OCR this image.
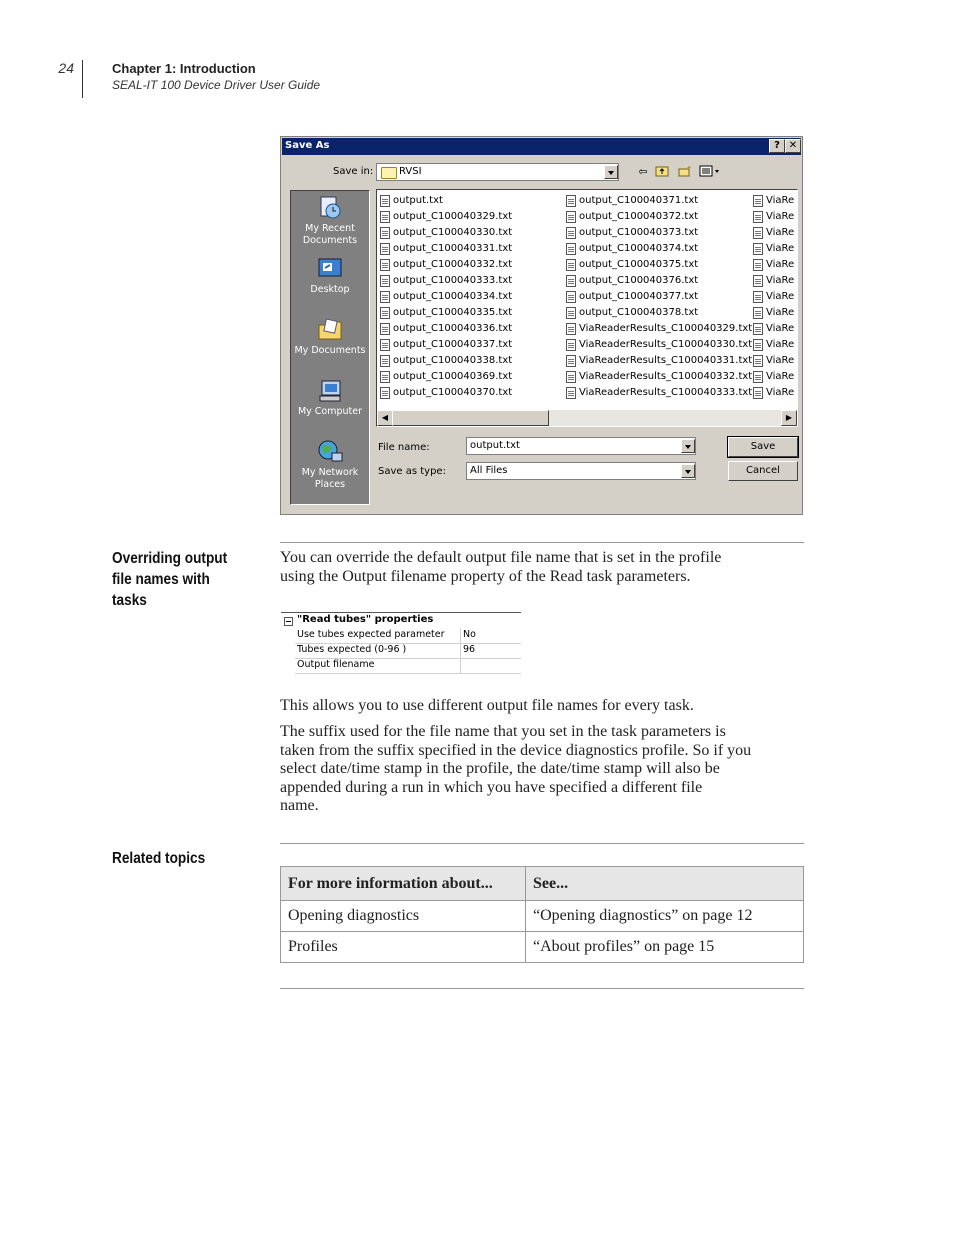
24	Chapter 1: Introduction
SEAL-IT 100 Device Driver User Guide
Save As	? ✕
Save in:	RVSI	⇦
My Recent Documents
Desktop
My Documents
My Computer
My Network Places
output.txt
output_C100040329.txt
output_C100040330.txt
output_C100040331.txt
output_C100040332.txt
output_C100040333.txt
output_C100040334.txt
output_C100040335.txt
output_C100040336.txt
output_C100040337.txt
output_C100040338.txt
output_C100040369.txt
output_C100040370.txt
output_C100040371.txt
output_C100040372.txt
output_C100040373.txt
output_C100040374.txt
output_C100040375.txt
output_C100040376.txt
output_C100040377.txt
output_C100040378.txt
ViaReaderResults_C100040329.txt
ViaReaderResults_C100040330.txt
ViaReaderResults_C100040331.txt
ViaReaderResults_C100040332.txt
ViaReaderResults_C100040333.txt
ViaRe
ViaRe
ViaRe
ViaRe
ViaRe
ViaRe
ViaRe
ViaRe
ViaRe
ViaRe
ViaRe
ViaRe
ViaRe
◀	▶
File name:	output.txt
Save as type: All Files
Save
Cancel
Overriding output
file names with
tasks
You can override the default output file name that is set in the profile
using the Output filename property of the Read task parameters.
"Read tubes" properties
Use tubes expected parameter No
Tubes expected (0-96 )	96
Output filename
This allows you to use different output file names for every task.
The suffix used for the file name that you set in the task parameters is
taken from the suffix specified in the device diagnostics profile. So if you
select date/time stamp in the profile, the date/time stamp will also be
appended during a run in which you have specified a different file
name.
Related topics
For more information about...	See...
Opening diagnostics	“Opening diagnostics” on page 12
Profiles	“About profiles” on page 15
